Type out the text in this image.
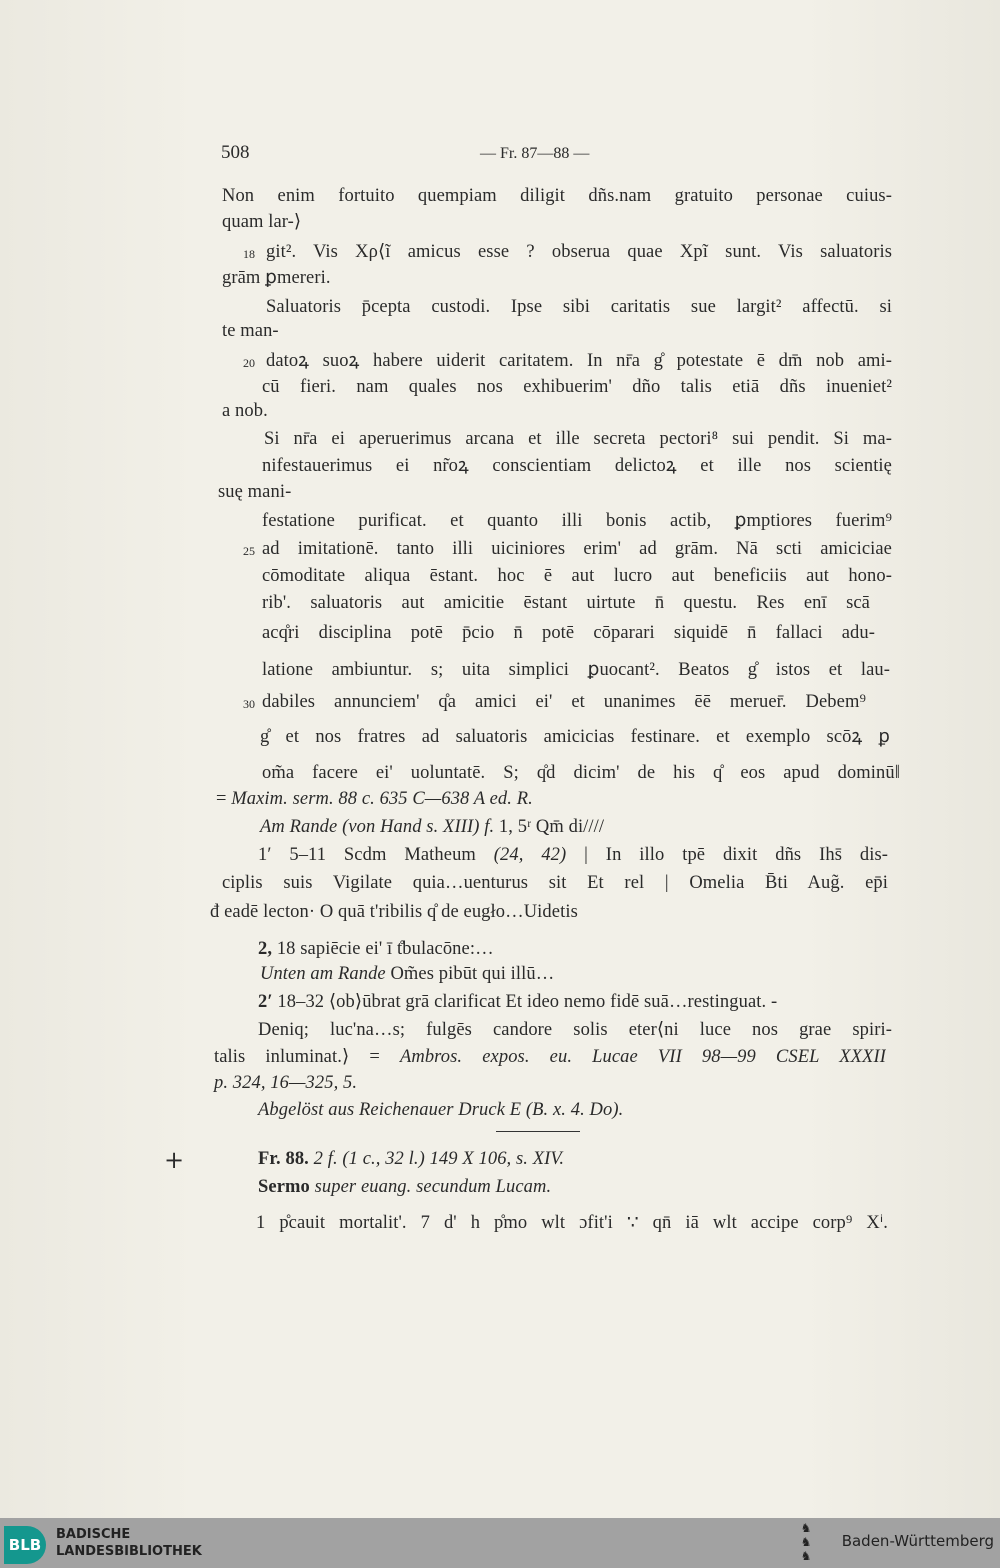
508	— Fr. 87—88 —
Non enim fortuito quempiam diligit dñs.nam gratuito personae cuius-
quam lar-⟩
18 git². Vis Xρ⟨ĩ amicus esse ? obserua quae Xpĩ sunt. Vis saluatoris
grām ꝑmereri.
Saluatoris p̄cepta custodi. Ipse sibi caritatis sue largit² affectū. si
te man-
20 datoꝝ suoꝝ habere uiderit caritatem. In nr̄a g̊ potestate ē dm̄ nob ami-
cū fieri. nam quales nos exhibuerim' dño talis etiā dñs inueniet²
a nob.
Si nr̄a ei aperuerimus arcana et ille secreta pectori⁸ sui pendit. Si ma-
nifestauerimus ei nr̃oꝝ conscientiam delictoꝝ et ille nos scientię
suę mani-
festatione purificat. et quanto illi bonis actib, ꝑmptiores fuerim⁹
25 ad imitationē. tanto illi uiciniores erim' ad grām. Nā scti amiciciae
cōmoditate aliqua ēstant. hoc ē aut lucro aut beneficiis aut hono-
rib'. saluatoris aut amicitie ēstant uirtute n̄ questu. Res enī scā
acq̊ri disciplina potē p̄cio n̄ potē cōparari siquidē n̄ fallaci adu-
latione ambiuntur. s; uita simplici ꝑuocant². Beatos g̊ istos et lau-
30 dabiles annunciem' q̊a amici ei' et unanimes ēē meruer̄. Debem⁹
g̊ et nos fratres ad saluatoris amicicias festinare. et exemplo scōꝝ ꝑ
om̃a facere ei' uoluntatē. S; q̊d dicim' de his q̊ eos apud dominū‖
= Maxim. serm. 88 c. 635 C—638 A ed. R.
Am Rande (von Hand s. XIII) f. 1, 5ʳ Qm̄ di////
1′ 5–11 Scdm Matheum (24, 42) | In illo tpē dixit dñs Ihs̄ dis-
ciplis suis Vigilate quia…uenturus sit Et rel | Omelia B̄ti Aug̃. ep̄i
đ eadē lecton· O quā t'ribilis q̊ de eugło…Uidetis
2, 18 sapiēcie ei' ī t̊bulacōne:…
Unten am Rande Om̃es pibūt qui illū…
2′ 18–32 ⟨ob⟩ūbrat grā clarificat Et ideo nemo fidē suā…restinguat. -
Deniq; luc'na…s; fulgēs candore solis eter⟨ni luce nos grae spiri-
talis inluminat.⟩ = Ambros. expos. eu. Lucae VII 98—99 CSEL XXXII
p. 324, 16—325, 5.
Abgelöst aus Reichenauer Druck E (B. x. 4. Do).
Fr. 88. 2 f. (1 c., 32 l.) 149 X 106, s. XIV.
Sermo super euang. secundum Lucam.
1 p̊cauit mortalit'. 7 d' h p̊mo wlt ɔfit'i ∵ qn̄ iā wlt accipe corp⁹ Xⁱ.
+
BLB
BADISCHE
LANDESBIBLIOTHEK
♞
♞
♞
Baden-Württemberg
